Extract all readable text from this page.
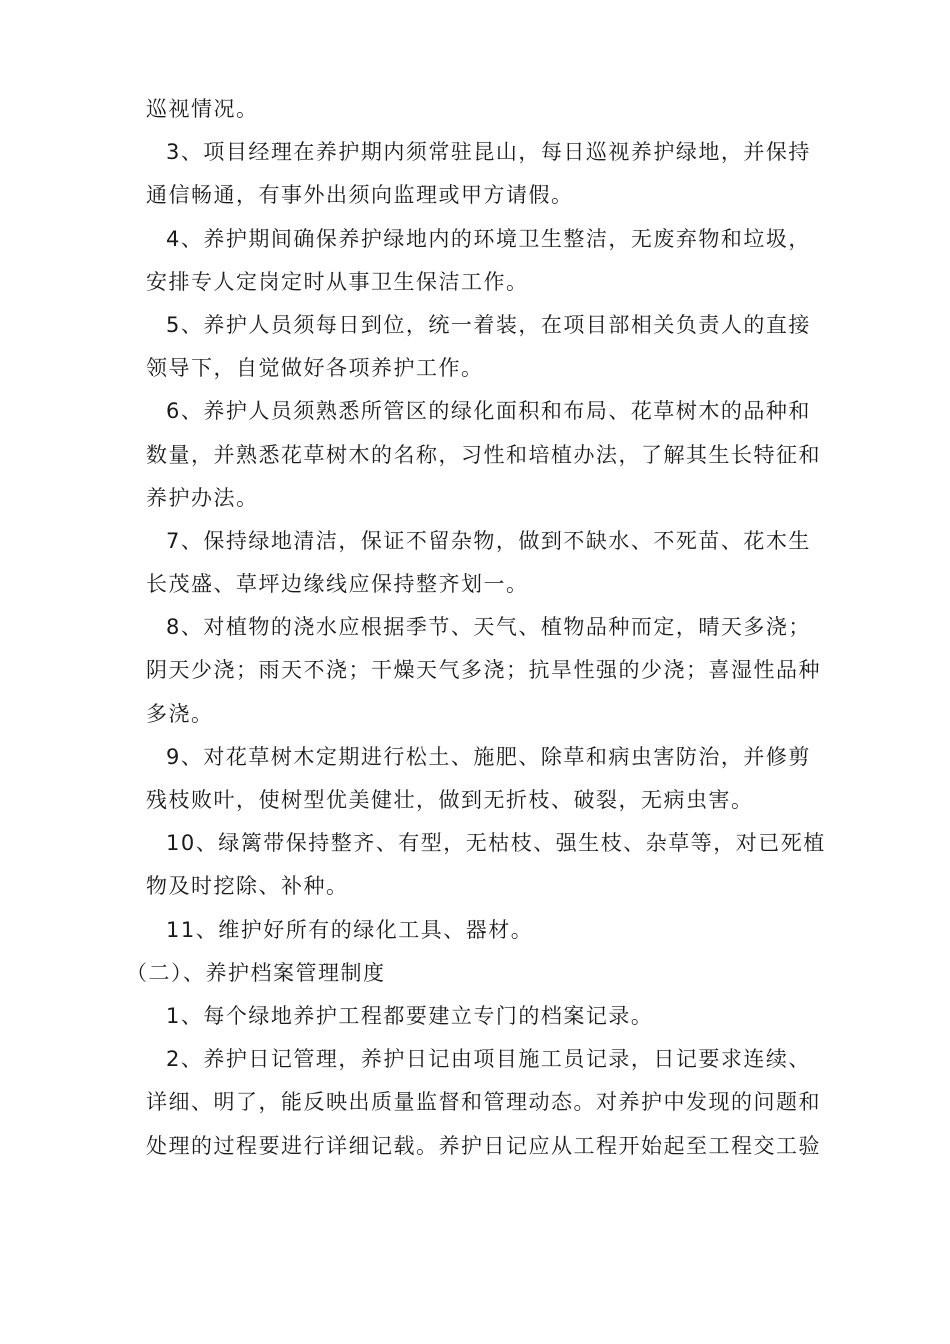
巡视情况。
3、项目经理在养护期内须常驻昆山，每日巡视养护绿地，并保持
通信畅通，有事外出须向监理或甲方请假。
4、养护期间确保养护绿地内的环境卫生整洁，无废弃物和垃圾，
安排专人定岗定时从事卫生保洁工作。
5、养护人员须每日到位，统一着装，在项目部相关负责人的直接
领导下，自觉做好各项养护工作。
6、养护人员须熟悉所管区的绿化面积和布局、花草树木的品种和
数量，并熟悉花草树木的名称，习性和培植办法，了解其生长特征和
养护办法。
7、保持绿地清洁，保证不留杂物，做到不缺水、不死苗、花木生
长茂盛、草坪边缘线应保持整齐划一。
8、对植物的浇水应根据季节、天气、植物品种而定，晴天多浇；
阴天少浇；雨天不浇；干燥天气多浇；抗旱性强的少浇；喜湿性品种
多浇。
9、对花草树木定期进行松土、施肥、除草和病虫害防治，并修剪
残枝败叶，使树型优美健壮，做到无折枝、破裂，无病虫害。
10、绿篱带保持整齐、有型，无枯枝、强生枝、杂草等，对已死植
物及时挖除、补种。
11、维护好所有的绿化工具、器材。
（二）、养护档案管理制度
1、每个绿地养护工程都要建立专门的档案记录。
2、养护日记管理，养护日记由项目施工员记录，日记要求连续、
详细、明了，能反映出质量监督和管理动态。对养护中发现的问题和
处理的过程要进行详细记载。养护日记应从工程开始起至工程交工验
